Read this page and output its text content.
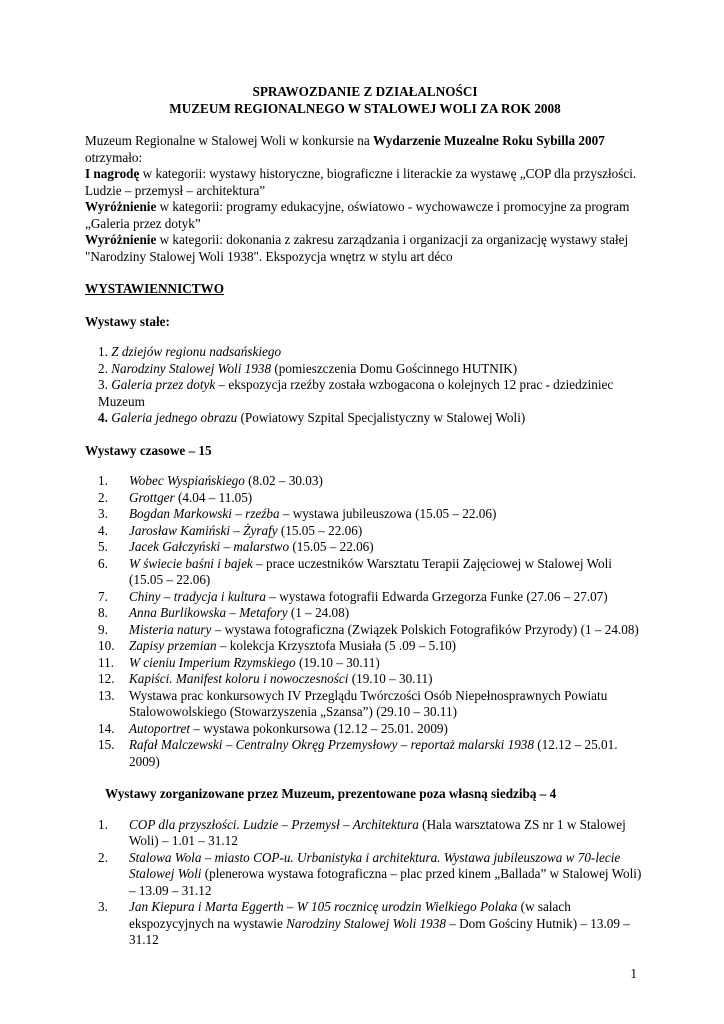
SPRAWOZDANIE Z DZIAŁALNOŚCI
MUZEUM REGIONALNEGO W STALOWEJ WOLI ZA ROK 2008

Muzeum Regionalne w Stalowej Woli w konkursie na Wydarzenie Muzealne Roku Sybilla 2007
otrzymało:

I nagrodę w kategorii: wystawy historyczne, biograficzne i literackie za wystawę „COP dla przyszłości. Ludzie – przemysł – architektura”

Wyróżnienie w kategorii: programy edukacyjne, oświatowo - wychowawcze i promocyjne za program „Galeria przez dotyk”

Wyróżnienie w kategorii: dokonania z zakresu zarządzania i organizacji za organizację wystawy stałej "Narodziny Stalowej Woli 1938". Ekspozycja wnętrz w stylu art déco

WYSTAWIENNICTWO

Wystawy stałe:

1. Z dziejów regionu nadsańskiego
2. Narodziny Stalowej Woli 1938 (pomieszczenia Domu Gościnnego HUTNIK)
3. Galeria przez dotyk – ekspozycja rzeźby została wzbogacona o kolejnych 12 prac - dziedziniec Muzeum
4. Galeria jednego obrazu (Powiatowy Szpital Specjalistyczny w Stalowej Woli)

Wystawy czasowe – 15

1.	Wobec Wyspiańskiego (8.02 – 30.03)
2.	Grottger (4.04 – 11.05)
3.	Bogdan Markowski – rzeźba – wystawa jubileuszowa (15.05 – 22.06)
4.	Jarosław Kamiński – Żyrafy (15.05 – 22.06)
5.	Jacek Gałczyński – malarstwo (15.05 – 22.06)
6.	W świecie baśni i bajek – prace uczestników Warsztatu Terapii Zajęciowej w Stalowej Woli (15.05 – 22.06)
7.	Chiny – tradycja i kultura – wystawa fotografii Edwarda Grzegorza Funke (27.06 – 27.07)
8.	Anna Burlikowska – Metafory (1 – 24.08)
9.	Misteria natury – wystawa fotograficzna (Związek Polskich Fotografików Przyrody) (1 – 24.08)
10.	Zapisy przemian – kolekcja Krzysztofa Musiała (5 .09 – 5.10)
11.	W cieniu Imperium Rzymskiego (19.10 – 30.11)
12.	Kapiści. Manifest koloru i nowoczesności (19.10 – 30.11)
13.	Wystawa prac konkursowych IV Przeglądu Twórczości Osób Niepełnosprawnych Powiatu Stalowowolskiego (Stowarzyszenia „Szansa”) (29.10 – 30.11)
14.	Autoportret – wystawa pokonkursowa (12.12 – 25.01. 2009)
15.	Rafał Malczewski – Centralny Okręg Przemysłowy – reportaż malarski 1938 (12.12 – 25.01. 2009)

Wystawy zorganizowane przez Muzeum, prezentowane poza własną siedzibą – 4

1.	COP dla przyszłości. Ludzie – Przemysł – Architektura (Hala warsztatowa ZS nr 1 w Stalowej Woli) – 1.01 – 31.12
2.	Stalowa Wola – miasto COP-u. Urbanistyka i architektura. Wystawa jubileuszowa w 70-lecie Stalowej Woli (plenerowa wystawa fotograficzna – plac przed kinem „Ballada” w Stalowej Woli) – 13.09 – 31.12
3.	Jan Kiepura i Marta Eggerth – W 105 rocznicę urodzin Wielkiego Polaka (w salach ekspozycyjnych na wystawie Narodziny Stalowej Woli 1938 – Dom Gościny Hutnik) – 13.09 – 31.12
1
